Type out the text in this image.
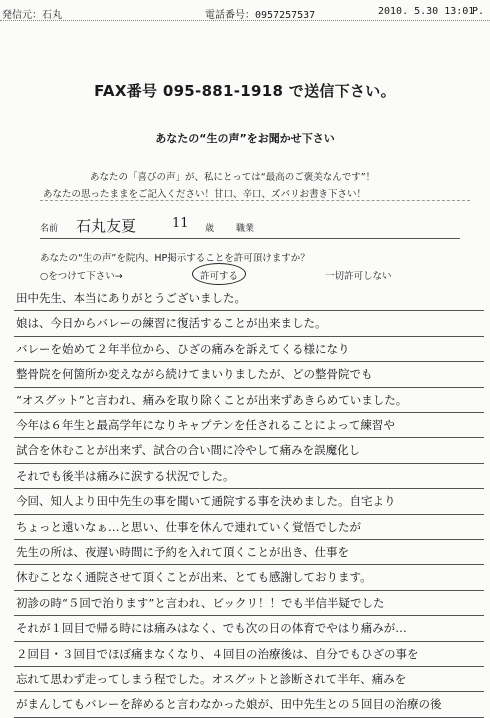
発信元：石丸	電話番号：0957257537	2010. 5.30 13:01
P.
FAX番号 095-881-1918 で送信下さい。
あなたの“生の声”をお聞かせ下さい
あなたの「喜びの声」が、私にとっては“最高のご褒美なんです”！
あなたの思ったままをご記入ください！甘口、辛口、ズバリお書き下さい！
名前 石丸友夏	11 歳 職業
あなたの“生の声”を院内、HP掲示することを許可頂けますか？
○をつけて下さい→	許可する	一切許可しない
田中先生、本当にありがとうございました。
娘は、今日からバレーの練習に復活することが出来ました。
バレーを始めて２年半位から、ひざの痛みを訴えてくる様になり
整骨院を何箇所か変えながら続けてまいりましたが、どの整骨院でも
“オスグット”と言われ、痛みを取り除くことが出来ずあきらめていました。
今年は６年生と最高学年になりキャプテンを任されることによって練習や
試合を休むことが出来ず、試合の合い間に冷やして痛みを誤魔化し
それでも後半は痛みに涙する状況でした。
今回、知人より田中先生の事を聞いて通院する事を決めました。自宅より
ちょっと遠いなぁ…と思い、仕事を休んで連れていく覚悟でしたが
先生の所は、夜遅い時間に予約を入れて頂くことが出き、仕事を
休むことなく通院させて頂くことが出来、とても感謝しております。
初診の時“５回で治ります”と言われ、ビックリ！！でも半信半疑でした
それが１回目で帰る時には痛みはなく、でも次の日の体育でやはり痛みが…
２回目・３回目でほぼ痛まなくなり、４回目の治療後は、自分でもひざの事を
忘れて思わず走ってしまう程でした。オスグットと診断されて半年、痛みを
がまんしてもバレーを辞めると言わなかった娘が、田中先生との５回目の治療の後
